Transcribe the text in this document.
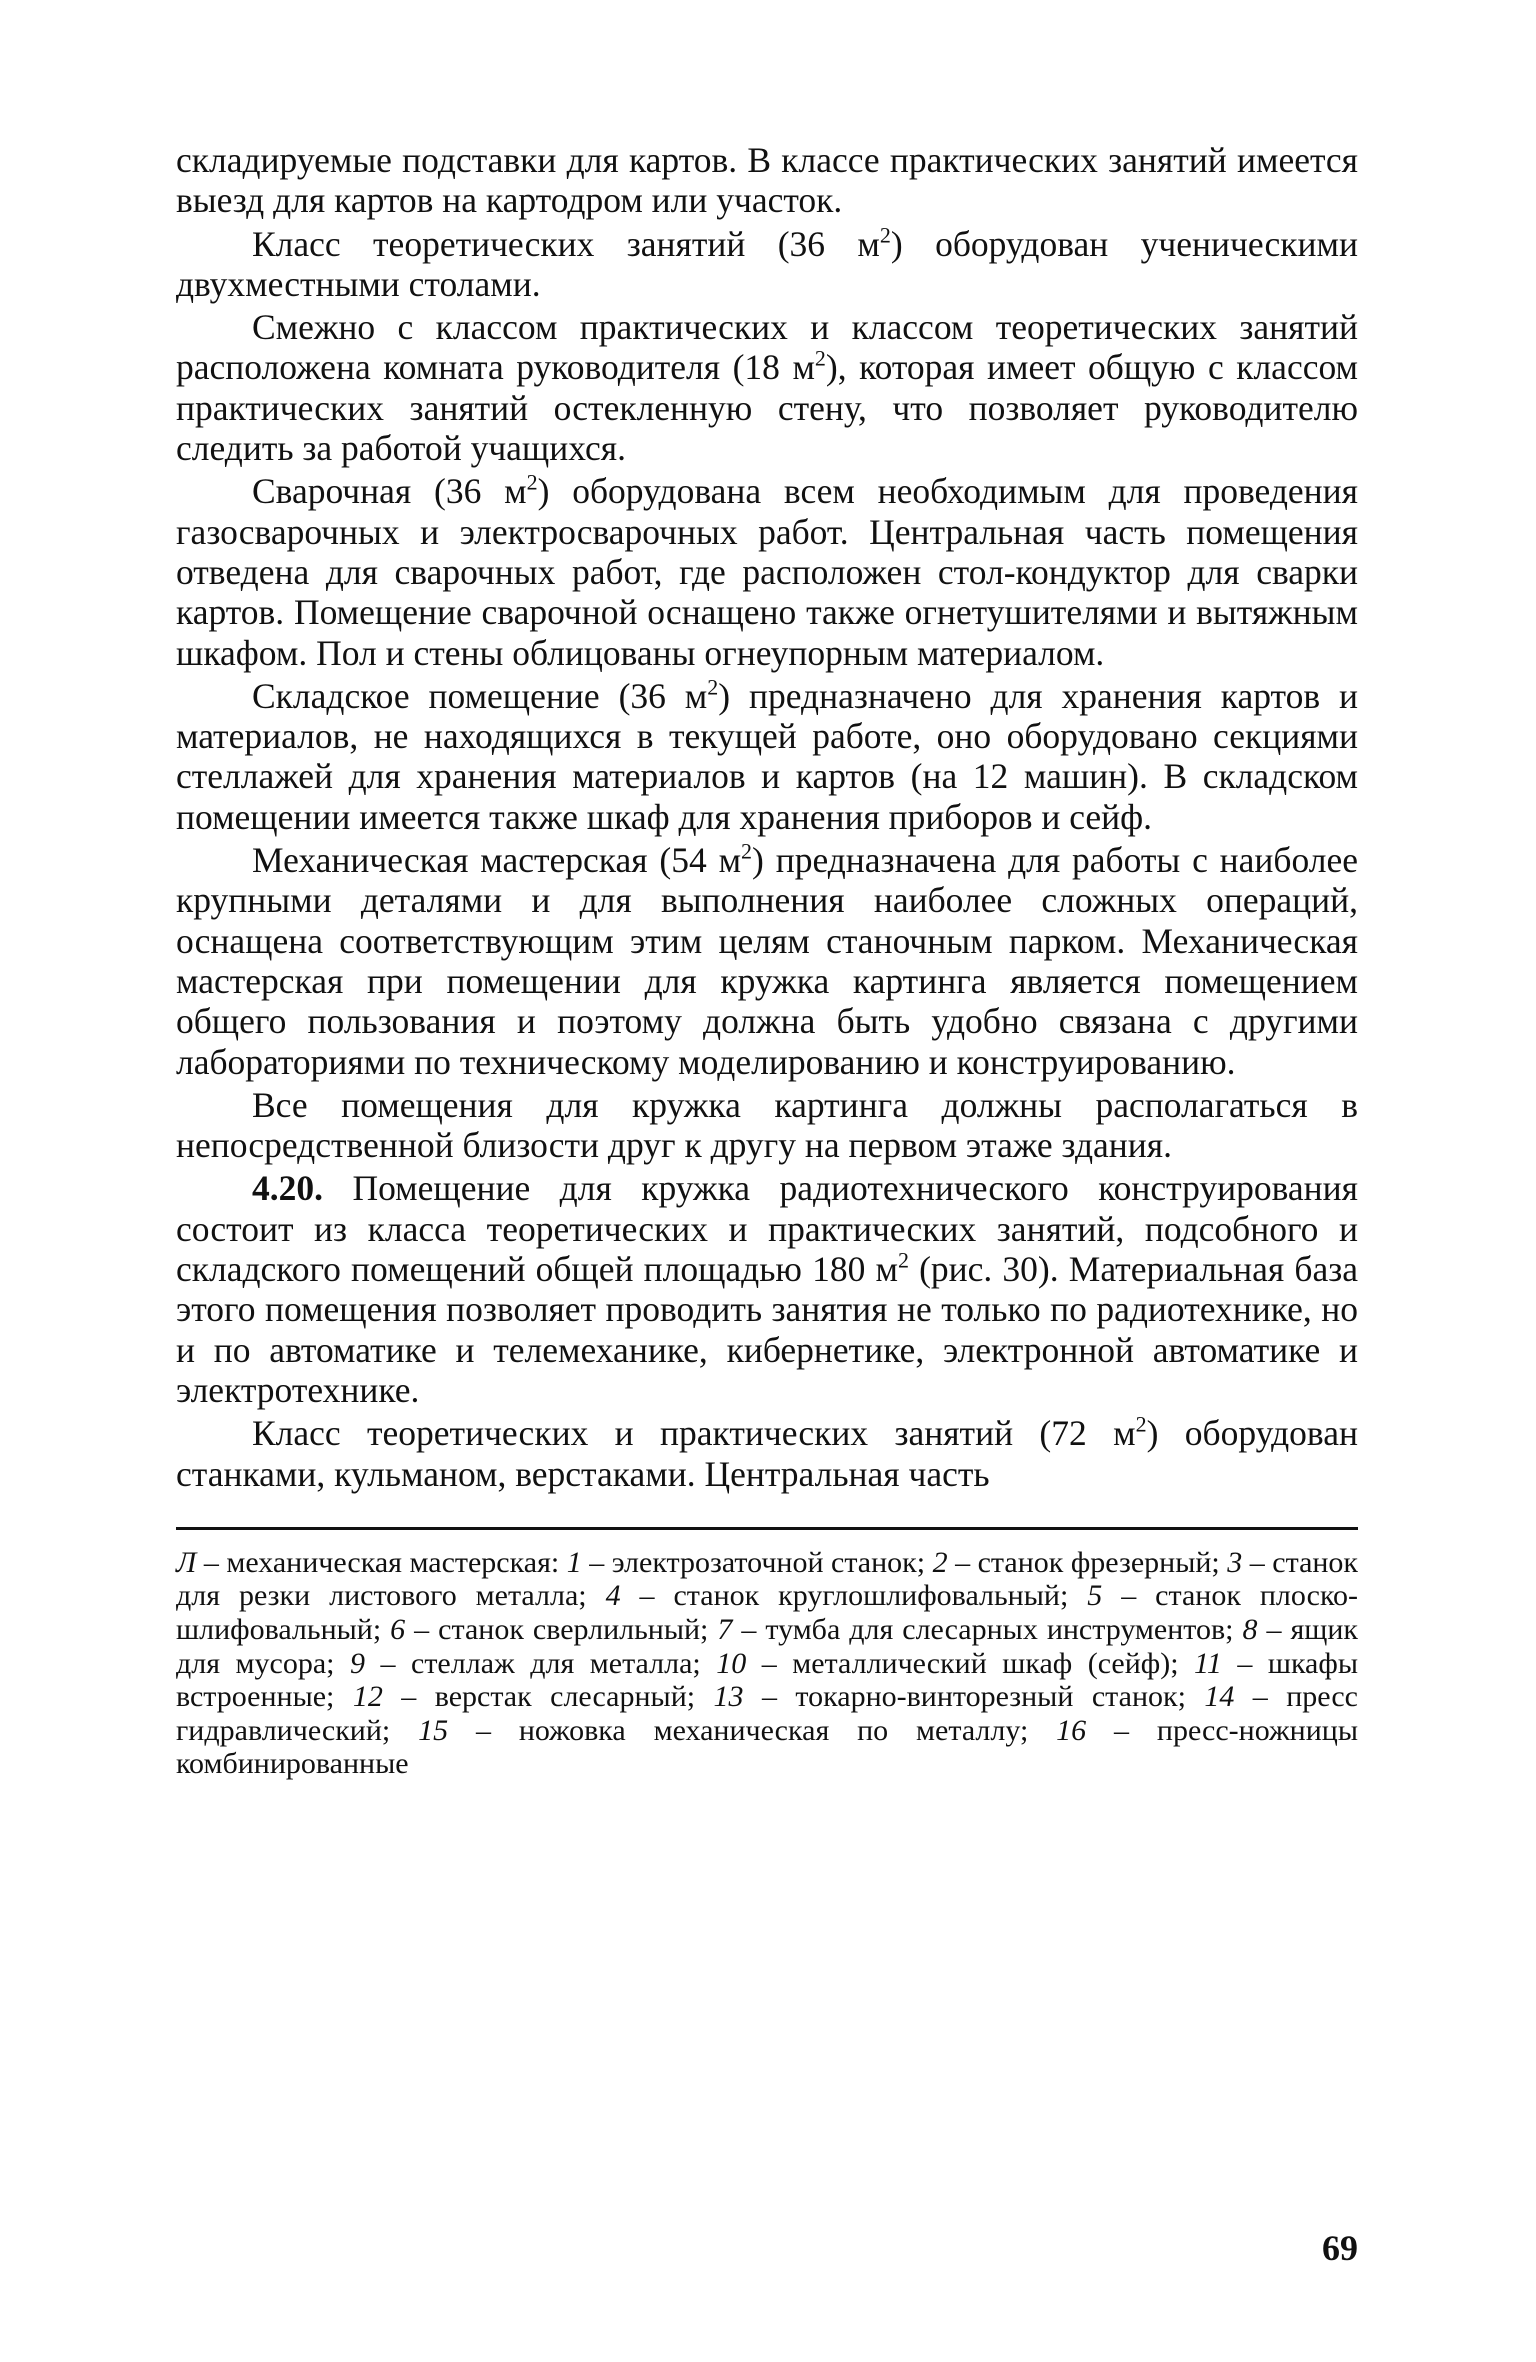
складируемые подставки для картов. В классе практических занятий имеется выезд для картов на картодром или участок.

Класс теоретических занятий (36 $м^2$) оборудован ученическими двухместными столами.

Смежно с классом практических и классом теоретических занятий расположена комната руководителя (18 $м^2$), которая имеет общую с классом практических занятий остекленную стену, что позволяет руководителю следить за работой учащихся.

Сварочная (36 $м^2$) оборудована всем необходимым для проведения газосварочных и электросварочных работ. Центральная часть помещения отведена для сварочных работ, где расположен стол-кондуктор для сварки картов. Помещение сварочной оснащено также огнетушителями и вытяжным шкафом. Пол и стены облицованы огнеупорным материалом.

Складское помещение (36 $м^2$) предназначено для хранения картов и материалов, не находящихся в текущей работе, оно оборудовано секциями стеллажей для хранения материалов и картов (на 12 машин). В складском помещении имеется также шкаф для хранения приборов и сейф.

Механическая мастерская (54 $м^2$) предназначена для работы с наиболее крупными деталями и для выполнения наиболее сложных операций, оснащена соответствующим этим целям станочным парком. Механическая мастерская при помещении для кружка картинга является помещением общего пользования и поэтому должна быть удобно связана с другими лабораториями по техническому моделированию и конструированию.

Все помещения для кружка картинга должны располагаться в непосредственной близости друг к другу на первом этаже здания.

4.20. Помещение для кружка радиотехнического конструирования состоит из класса теоретических и практических занятий, подсобного и складского помещений общей площадью 180 $м^2$ (рис. 30). Материальная база этого помещения позволяет проводить занятия не только по радиотехнике, но и по автоматике и телемеханике, кибернетике, электронной автоматике и электротехнике.

Класс теоретических и практических занятий (72 $м^2$) оборудован станками, кульманом, верстаками. Центральная часть

Л – механическая мастерская: 1 – электрозаточной станок; 2 – станок фрезерный; 3 – станок для резки листового металла; 4 – станок круглошлифовальный; 5 – станок плоско-шлифовальный; 6 – станок сверлильный; 7 – тумба для слесарных инструментов; 8 – ящик для мусора; 9 – стеллаж для металла; 10 – металлический шкаф (сейф); 11 – шкафы встроенные; 12 – верстак слесарный; 13 – токарно-винторезный станок; 14 – пресс гидравлический; 15 – ножовка механическая по металлу; 16 – пресс-ножницы комбинированные

69
